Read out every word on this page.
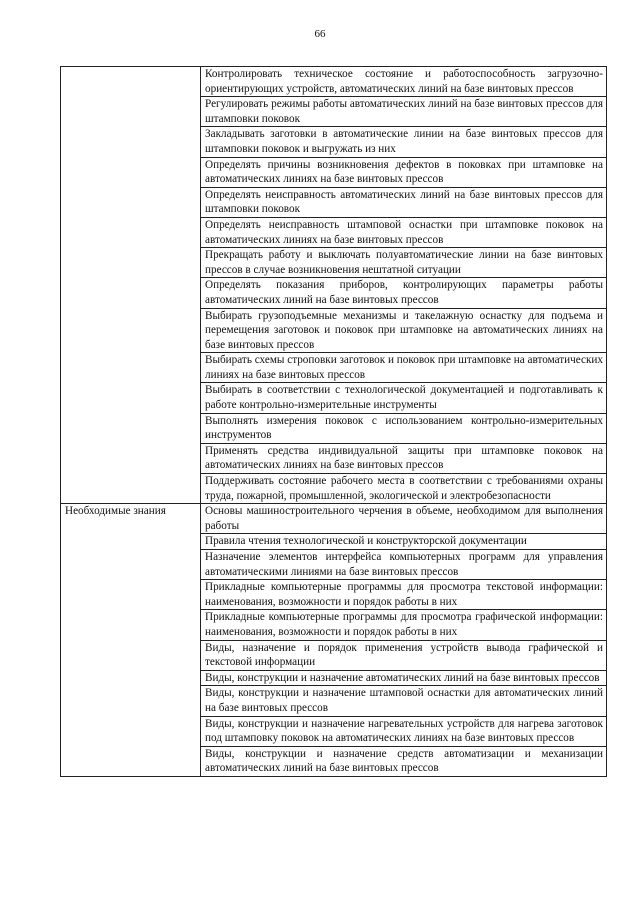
66
	Контролировать техническое состояние и работоспособность загрузочно-ориентирующих устройств, автоматических линий на базе винтовых прессов
	Регулировать режимы работы автоматических линий на базе винтовых прессов для штамповки поковок
	Закладывать заготовки в автоматические линии на базе винтовых прессов для штамповки поковок и выгружать из них
	Определять причины возникновения дефектов в поковках при штамповке на автоматических линиях на базе винтовых прессов
	Определять неисправность автоматических линий на базе винтовых прессов для штамповки поковок
	Определять неисправность штамповой оснастки при штамповке поковок на автоматических линиях на базе винтовых прессов
	Прекращать работу и выключать полуавтоматические линии на базе винтовых прессов в случае возникновения нештатной ситуации
	Определять показания приборов, контролирующих параметры работы автоматических линий на базе винтовых прессов
	Выбирать грузоподъемные механизмы и такелажную оснастку для подъема и перемещения заготовок и поковок при штамповке на автоматических линиях на базе винтовых прессов
	Выбирать схемы строповки заготовок и поковок при штамповке на автоматических линиях на базе винтовых прессов
	Выбирать в соответствии с технологической документацией и подготавливать к работе контрольно-измерительные инструменты
	Выполнять измерения поковок с использованием контрольно-измерительных инструментов
	Применять средства индивидуальной защиты при штамповке поковок на автоматических линиях на базе винтовых прессов
	Поддерживать состояние рабочего места в соответствии с требованиями охраны труда, пожарной, промышленной, экологической и электробезопасности
Необходимые знания	Основы машиностроительного черчения в объеме, необходимом для выполнения работы
	Правила чтения технологической и конструкторской документации
	Назначение элементов интерфейса компьютерных программ для управления автоматическими линиями на базе винтовых прессов
	Прикладные компьютерные программы для просмотра текстовой информации: наименования, возможности и порядок работы в них
	Прикладные компьютерные программы для просмотра графической информации: наименования, возможности и порядок работы в них
	Виды, назначение и порядок применения устройств вывода графической и текстовой информации
	Виды, конструкции и назначение автоматических линий на базе винтовых прессов
	Виды, конструкции и назначение штамповой оснастки для автоматических линий на базе винтовых прессов
	Виды, конструкции и назначение нагревательных устройств для нагрева заготовок под штамповку поковок на автоматических линиях на базе винтовых прессов
	Виды, конструкции и назначение средств автоматизации и механизации автоматических линий на базе винтовых прессов
